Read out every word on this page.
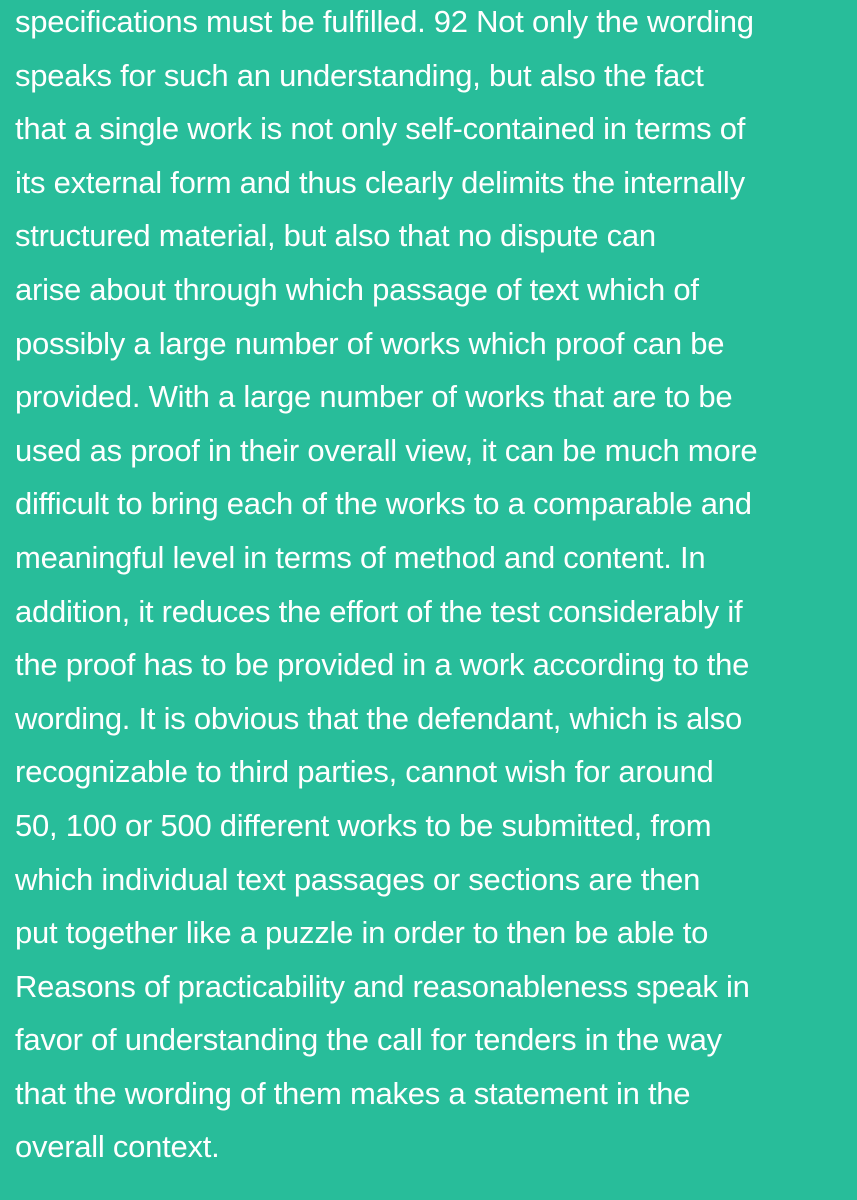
specifications must be fulfilled. 92 Not only the wording
speaks for such an understanding, but also the fact
that a single work is not only self-contained in terms of
its external form and thus clearly delimits the internally
structured material, but also that no dispute can
arise about through which passage of text which of
possibly a large number of works which proof can be
provided. With a large number of works that are to be
used as proof in their overall view, it can be much more
difficult to bring each of the works to a comparable and
meaningful level in terms of method and content. In
addition, it reduces the effort of the test considerably if
the proof has to be provided in a work according to the
wording. It is obvious that the defendant, which is also
recognizable to third parties, cannot wish for around
50, 100 or 500 different works to be submitted, from
which individual text passages or sections are then
put together like a puzzle in order to then be able to
Reasons of practicability and reasonableness speak in
favor of understanding the call for tenders in the way
that the wording of them makes a statement in the
overall context.
